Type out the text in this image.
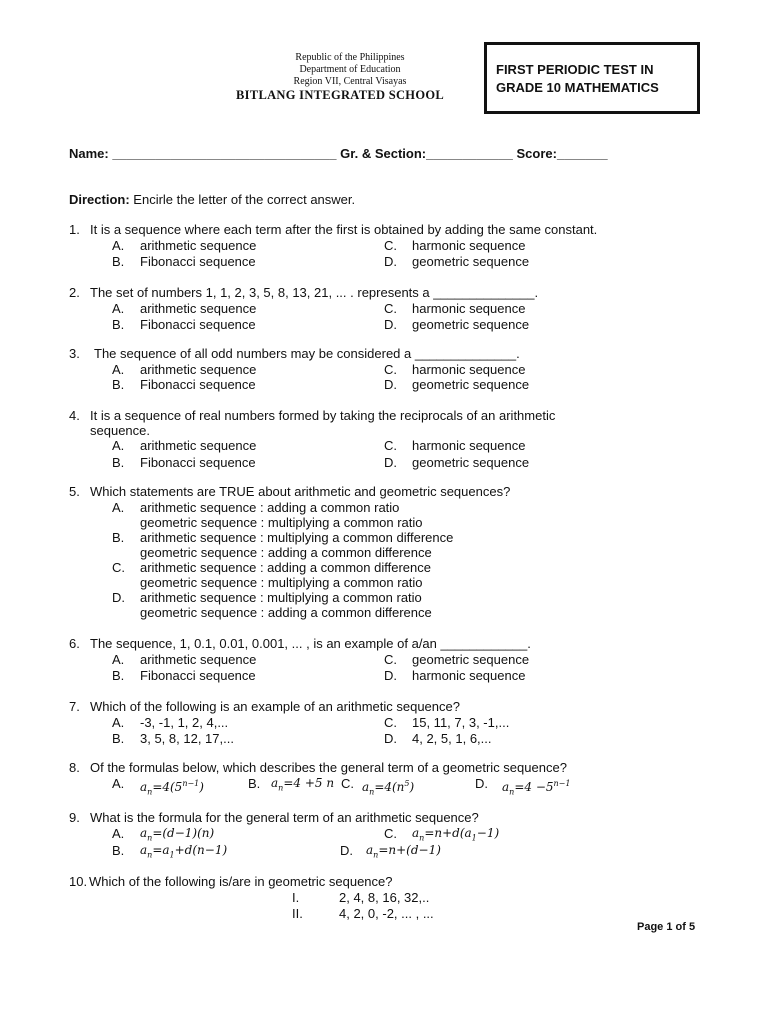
Republic of the Philippines
Department of Education
Region VII, Central Visayas
BITLANG INTEGRATED SCHOOL
FIRST PERIODIC TEST IN
GRADE 10 MATHEMATICS
Name: _______________________________ Gr. & Section:____________ Score:_______
Direction: Encirle the letter of the correct answer.
1. It is a sequence where each term after the first is obtained by adding the same constant.
A. arithmetic sequence	C. harmonic sequence
B. Fibonacci sequence	D. geometric sequence
2. The set of numbers 1, 1, 2, 3, 5, 8, 13, 21, ... . represents a ______________.
A. arithmetic sequence	C. harmonic sequence
B. Fibonacci sequence	D. geometric sequence
3. The sequence of all odd numbers may be considered a ______________.
A. arithmetic sequence	C. harmonic sequence
B. Fibonacci sequence	D. geometric sequence
4. It is a sequence of real numbers formed by taking the reciprocals of an arithmetic
sequence.
A. arithmetic sequence	C. harmonic sequence
B. Fibonacci sequence	D. geometric sequence
5. Which statements are TRUE about arithmetic and geometric sequences?
A. arithmetic sequence : adding a common ratio
geometric sequence : multiplying a common ratio
B. arithmetic sequence : multiplying a common difference
geometric sequence : adding a common difference
C. arithmetic sequence : adding a common difference
geometric sequence : multiplying a common ratio
D. arithmetic sequence : multiplying a common ratio
geometric sequence : adding a common difference
6. The sequence, 1, 0.1, 0.01, 0.001, ... , is an example of a/an ____________.
A. arithmetic sequence	C. geometric sequence
B. Fibonacci sequence	D. harmonic sequence
7. Which of the following is an example of an arithmetic sequence?
A. -3, -1, 1, 2, 4,...	C. 15, 11, 7, 3, -1,...
B. 3, 5, 8, 12, 17,...	D. 4, 2, 5, 1, 6,...
8. Of the formulas below, which describes the general term of a geometric sequence?
A. $a_n=4(5^{n-1})$	B. $a_n=4 +5$ n C. $a_n=4(n^5)$	D. $a_n=4 -5^{n-1}$
9. What is the formula for the general term of an arithmetic sequence?
A. $a_n=(d-1)(n)$	C. $a_n=n+d(a_1-1)$
B. $a_n=a_1+d(n-1)$	D. $a_n=n+(d-1)$
10. Which of the following is/are in geometric sequence?
I.	2, 4, 8, 16, 32,..
II.	4, 2, 0, -2, ... , ...
Page 1 of 5
